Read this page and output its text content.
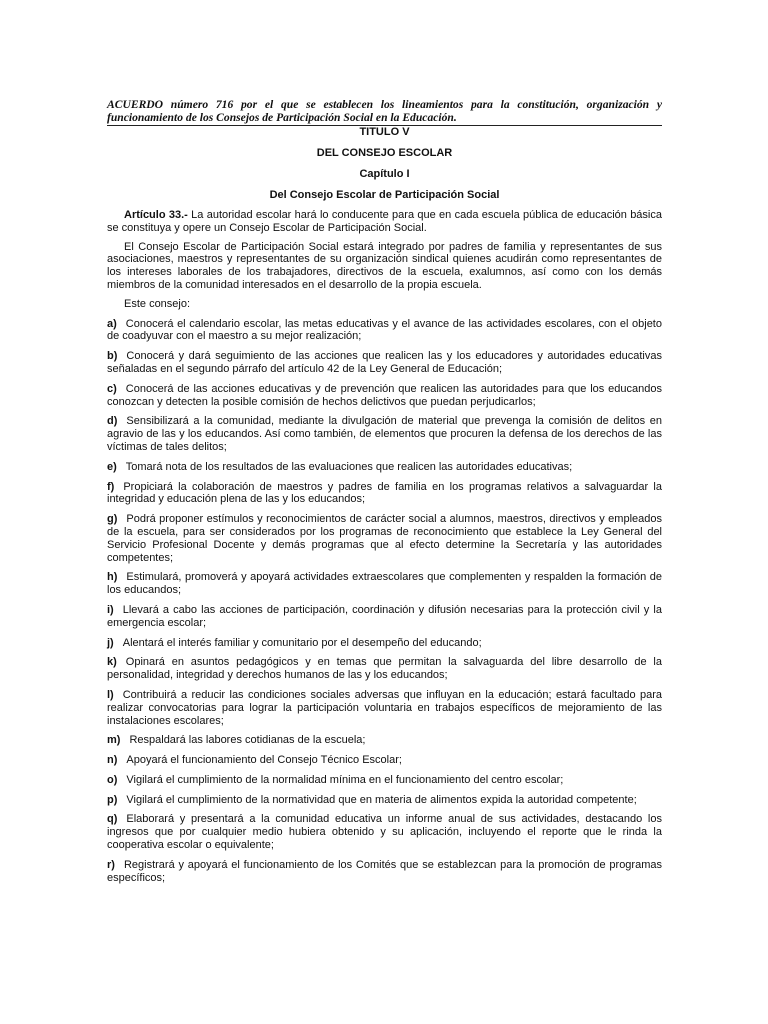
ACUERDO número 716 por el que se establecen los lineamientos para la constitución, organización y funcionamiento de los Consejos de Participación Social en la Educación.
TITULO V
DEL CONSEJO ESCOLAR
Capítulo I
Del Consejo Escolar de Participación Social

Artículo 33.- La autoridad escolar hará lo conducente para que en cada escuela pública de educación básica se constituya y opere un Consejo Escolar de Participación Social.

El Consejo Escolar de Participación Social estará integrado por padres de familia y representantes de sus asociaciones, maestros y representantes de su organización sindical quienes acudirán como representantes de los intereses laborales de los trabajadores, directivos de la escuela, exalumnos, así como con los demás miembros de la comunidad interesados en el desarrollo de la propia escuela.

Este consejo:

a) Conocerá el calendario escolar, las metas educativas y el avance de las actividades escolares, con el objeto de coadyuvar con el maestro a su mejor realización;

b) Conocerá y dará seguimiento de las acciones que realicen las y los educadores y autoridades educativas señaladas en el segundo párrafo del artículo 42 de la Ley General de Educación;

c) Conocerá de las acciones educativas y de prevención que realicen las autoridades para que los educandos conozcan y detecten la posible comisión de hechos delictivos que puedan perjudicarlos;

d) Sensibilizará a la comunidad, mediante la divulgación de material que prevenga la comisión de delitos en agravio de las y los educandos. Así como también, de elementos que procuren la defensa de los derechos de las víctimas de tales delitos;

e) Tomará nota de los resultados de las evaluaciones que realicen las autoridades educativas;

f) Propiciará la colaboración de maestros y padres de familia en los programas relativos a salvaguardar la integridad y educación plena de las y los educandos;

g) Podrá proponer estímulos y reconocimientos de carácter social a alumnos, maestros, directivos y empleados de la escuela, para ser considerados por los programas de reconocimiento que establece la Ley General del Servicio Profesional Docente y demás programas que al efecto determine la Secretaría y las autoridades competentes;

h) Estimulará, promoverá y apoyará actividades extraescolares que complementen y respalden la formación de los educandos;

i) Llevará a cabo las acciones de participación, coordinación y difusión necesarias para la protección civil y la emergencia escolar;

j) Alentará el interés familiar y comunitario por el desempeño del educando;

k) Opinará en asuntos pedagógicos y en temas que permitan la salvaguarda del libre desarrollo de la personalidad, integridad y derechos humanos de las y los educandos;

l) Contribuirá a reducir las condiciones sociales adversas que influyan en la educación; estará facultado para realizar convocatorias para lograr la participación voluntaria en trabajos específicos de mejoramiento de las instalaciones escolares;

m) Respaldará las labores cotidianas de la escuela;

n) Apoyará el funcionamiento del Consejo Técnico Escolar;

o) Vigilará el cumplimiento de la normalidad mínima en el funcionamiento del centro escolar;

p) Vigilará el cumplimiento de la normatividad que en materia de alimentos expida la autoridad competente;

q) Elaborará y presentará a la comunidad educativa un informe anual de sus actividades, destacando los ingresos que por cualquier medio hubiera obtenido y su aplicación, incluyendo el reporte que le rinda la cooperativa escolar o equivalente;

r) Registrará y apoyará el funcionamiento de los Comités que se establezcan para la promoción de programas específicos;
